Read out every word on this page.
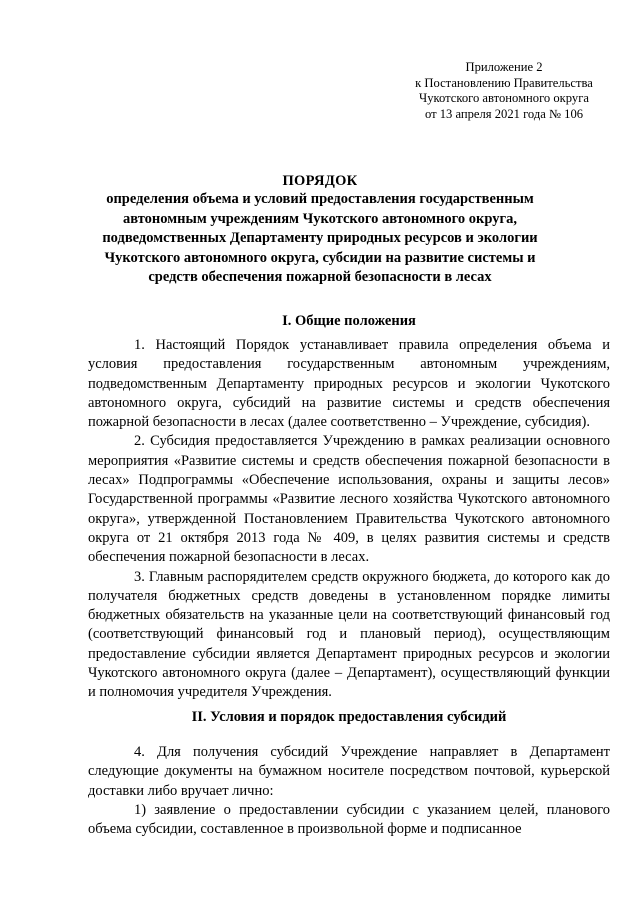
Приложение 2
к Постановлению Правительства
Чукотского автономного округа
от 13 апреля 2021 года № 106
ПОРЯДОК
определения объема и условий предоставления государственным автономным учреждениям Чукотского автономного округа, подведомственных Департаменту природных ресурсов и экологии Чукотского автономного округа, субсидии на развитие системы и средств обеспечения пожарной безопасности в лесах
I. Общие положения

1. Настоящий Порядок устанавливает правила определения объема и условия предоставления государственным автономным учреждениям, подведомственным Департаменту природных ресурсов и экологии Чукотского автономного округа, субсидий на развитие системы и средств обеспечения пожарной безопасности в лесах (далее соответственно – Учреждение, субсидия).

2. Субсидия предоставляется Учреждению в рамках реализации основного мероприятия «Развитие системы и средств обеспечения пожарной безопасности в лесах» Подпрограммы «Обеспечение использования, охраны и защиты лесов» Государственной программы «Развитие лесного хозяйства Чукотского автономного округа», утвержденной Постановлением Правительства Чукотского автономного округа от 21 октября 2013 года № 409, в целях развития системы и средств обеспечения пожарной безопасности в лесах.

3. Главным распорядителем средств окружного бюджета, до которого как до получателя бюджетных средств доведены в установленном порядке лимиты бюджетных обязательств на указанные цели на соответствующий финансовый год (соответствующий финансовый год и плановый период), осуществляющим предоставление субсидии является Департамент природных ресурсов и экологии Чукотского автономного округа (далее – Департамент), осуществляющий функции и полномочия учредителя Учреждения.

II. Условия и порядок предоставления субсидий

4. Для получения субсидий Учреждение направляет в Департамент следующие документы на бумажном носителе посредством почтовой, курьерской доставки либо вручает лично:

1) заявление о предоставлении субсидии с указанием целей, планового объема субсидии, составленное в произвольной форме и подписанное
